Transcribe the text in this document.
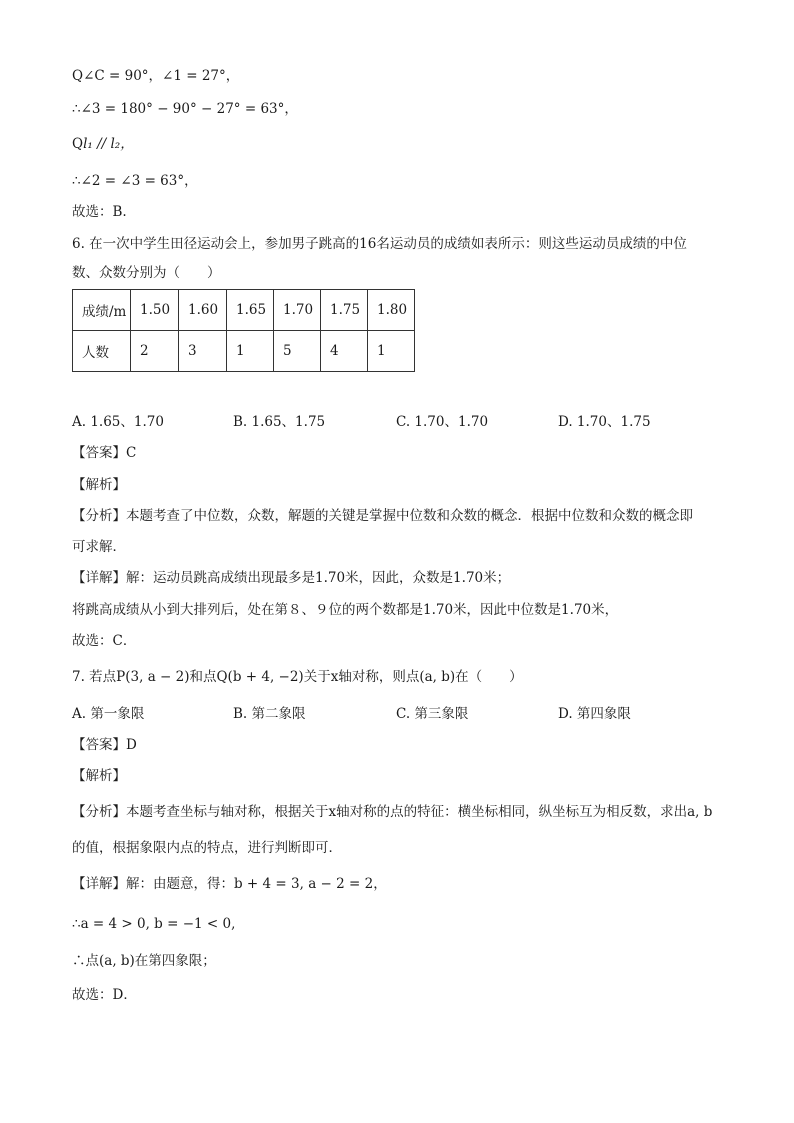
Q∠C = 90°，∠1 = 27°，
∴∠3 = 180° − 90° − 27° = 63°，
Ql₁ // l₂，
∴∠2 = ∠3 = 63°，
故选：B.
6. 在一次中学生田径运动会上，参加男子跳高的16名运动员的成绩如表所示：则这些运动员成绩的中位
数、众数分别为（　　）
成绩/m	1.50	1.60	1.65	1.70	1.75	1.80
人数	2	3	1	5	4	1
A. 1.65、1.70	B. 1.65、1.75	C. 1.70、1.70	D. 1.70、1.75
【答案】C
【解析】
【分析】本题考查了中位数，众数，解题的关键是掌握中位数和众数的概念．根据中位数和众数的概念即
可求解．
【详解】解：运动员跳高成绩出现最多是1.70米，因此，众数是1.70米；
将跳高成绩从小到大排列后，处在第８、９位的两个数都是1.70米，因此中位数是1.70米，
故选：C．
7. 若点P(3, a − 2)和点Q(b + 4, −2)关于x轴对称，则点(a, b)在（　　）
A. 第一象限	B. 第二象限	C. 第三象限	D. 第四象限
【答案】D
【解析】
【分析】本题考查坐标与轴对称，根据关于x轴对称的点的特征：横坐标相同，纵坐标互为相反数，求出a, b
的值，根据象限内点的特点，进行判断即可．
【详解】解：由题意，得：b + 4 = 3, a − 2 = 2，
∴a = 4 > 0, b = −1 < 0,
∴点(a, b)在第四象限；
故选：D．
